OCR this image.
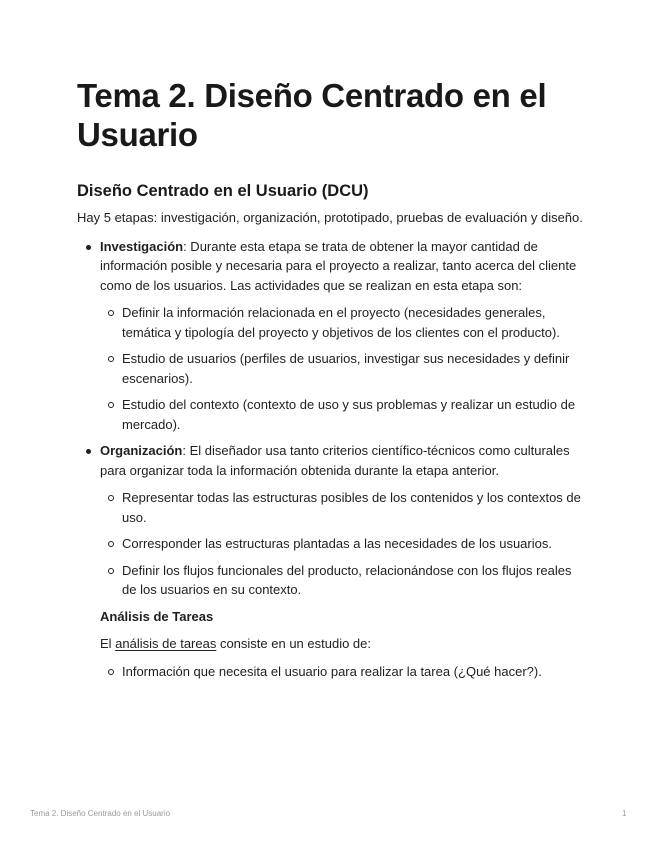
Tema 2. Diseño Centrado en el Usuario
Diseño Centrado en el Usuario (DCU)

Hay 5 etapas: investigación, organización, prototipado, pruebas de evaluación y diseño.

Investigación: Durante esta etapa se trata de obtener la mayor cantidad de información posible y necesaria para el proyecto a realizar, tanto acerca del cliente como de los usuarios. Las actividades que se realizan en esta etapa son:
Definir la información relacionada en el proyecto (necesidades generales, temática y tipología del proyecto y objetivos de los clientes con el producto).
Estudio de usuarios (perfiles de usuarios, investigar sus necesidades y definir escenarios).
Estudio del contexto (contexto de uso y sus problemas y realizar un estudio de mercado).
Organización: El diseñador usa tanto criterios científico-técnicos como culturales para organizar toda la información obtenida durante la etapa anterior.
Representar todas las estructuras posibles de los contenidos y los contextos de uso.
Corresponder las estructuras plantadas a las necesidades de los usuarios.
Definir los flujos funcionales del producto, relacionándose con los flujos reales de los usuarios en su contexto.
Análisis de Tareas
El análisis de tareas consiste en un estudio de:
Información que necesita el usuario para realizar la tarea (¿Qué hacer?).
Tema 2. Diseño Centrado en el Usuario	1
